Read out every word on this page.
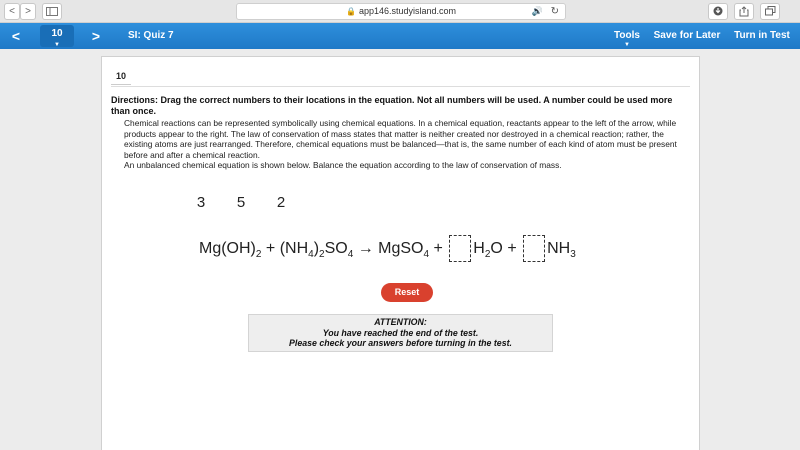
<	>	🔒 app146.studyisland.com	🔊 ↻
<	10
▼
>	SI: Quiz 7	Tools
▼
Save for Later	Turn in Test
10
Directions: Drag the correct numbers to their locations in the equation. Not all numbers will be used. A number could be used more than once.

Chemical reactions can be represented symbolically using chemical equations. In a chemical equation, reactants appear to the left of the arrow, while products appear to the right. The law of conservation of mass states that matter is neither created nor destroyed in a chemical reaction; rather, the existing atoms are just rearranged. Therefore, chemical equations must be balanced—that is, the same number of each kind of atom must be present before and after a chemical reaction.

An unbalanced chemical equation is shown below. Balance the equation according to the law of conservation of mass.

3	5	2
$Mg(OH)_2 + (NH_4)_2SO_4$ → MgSO$_4$ + $H_2O + NH_3$
Reset
ATTENTION:
You have reached the end of the test.
Please check your answers before turning in the test.
